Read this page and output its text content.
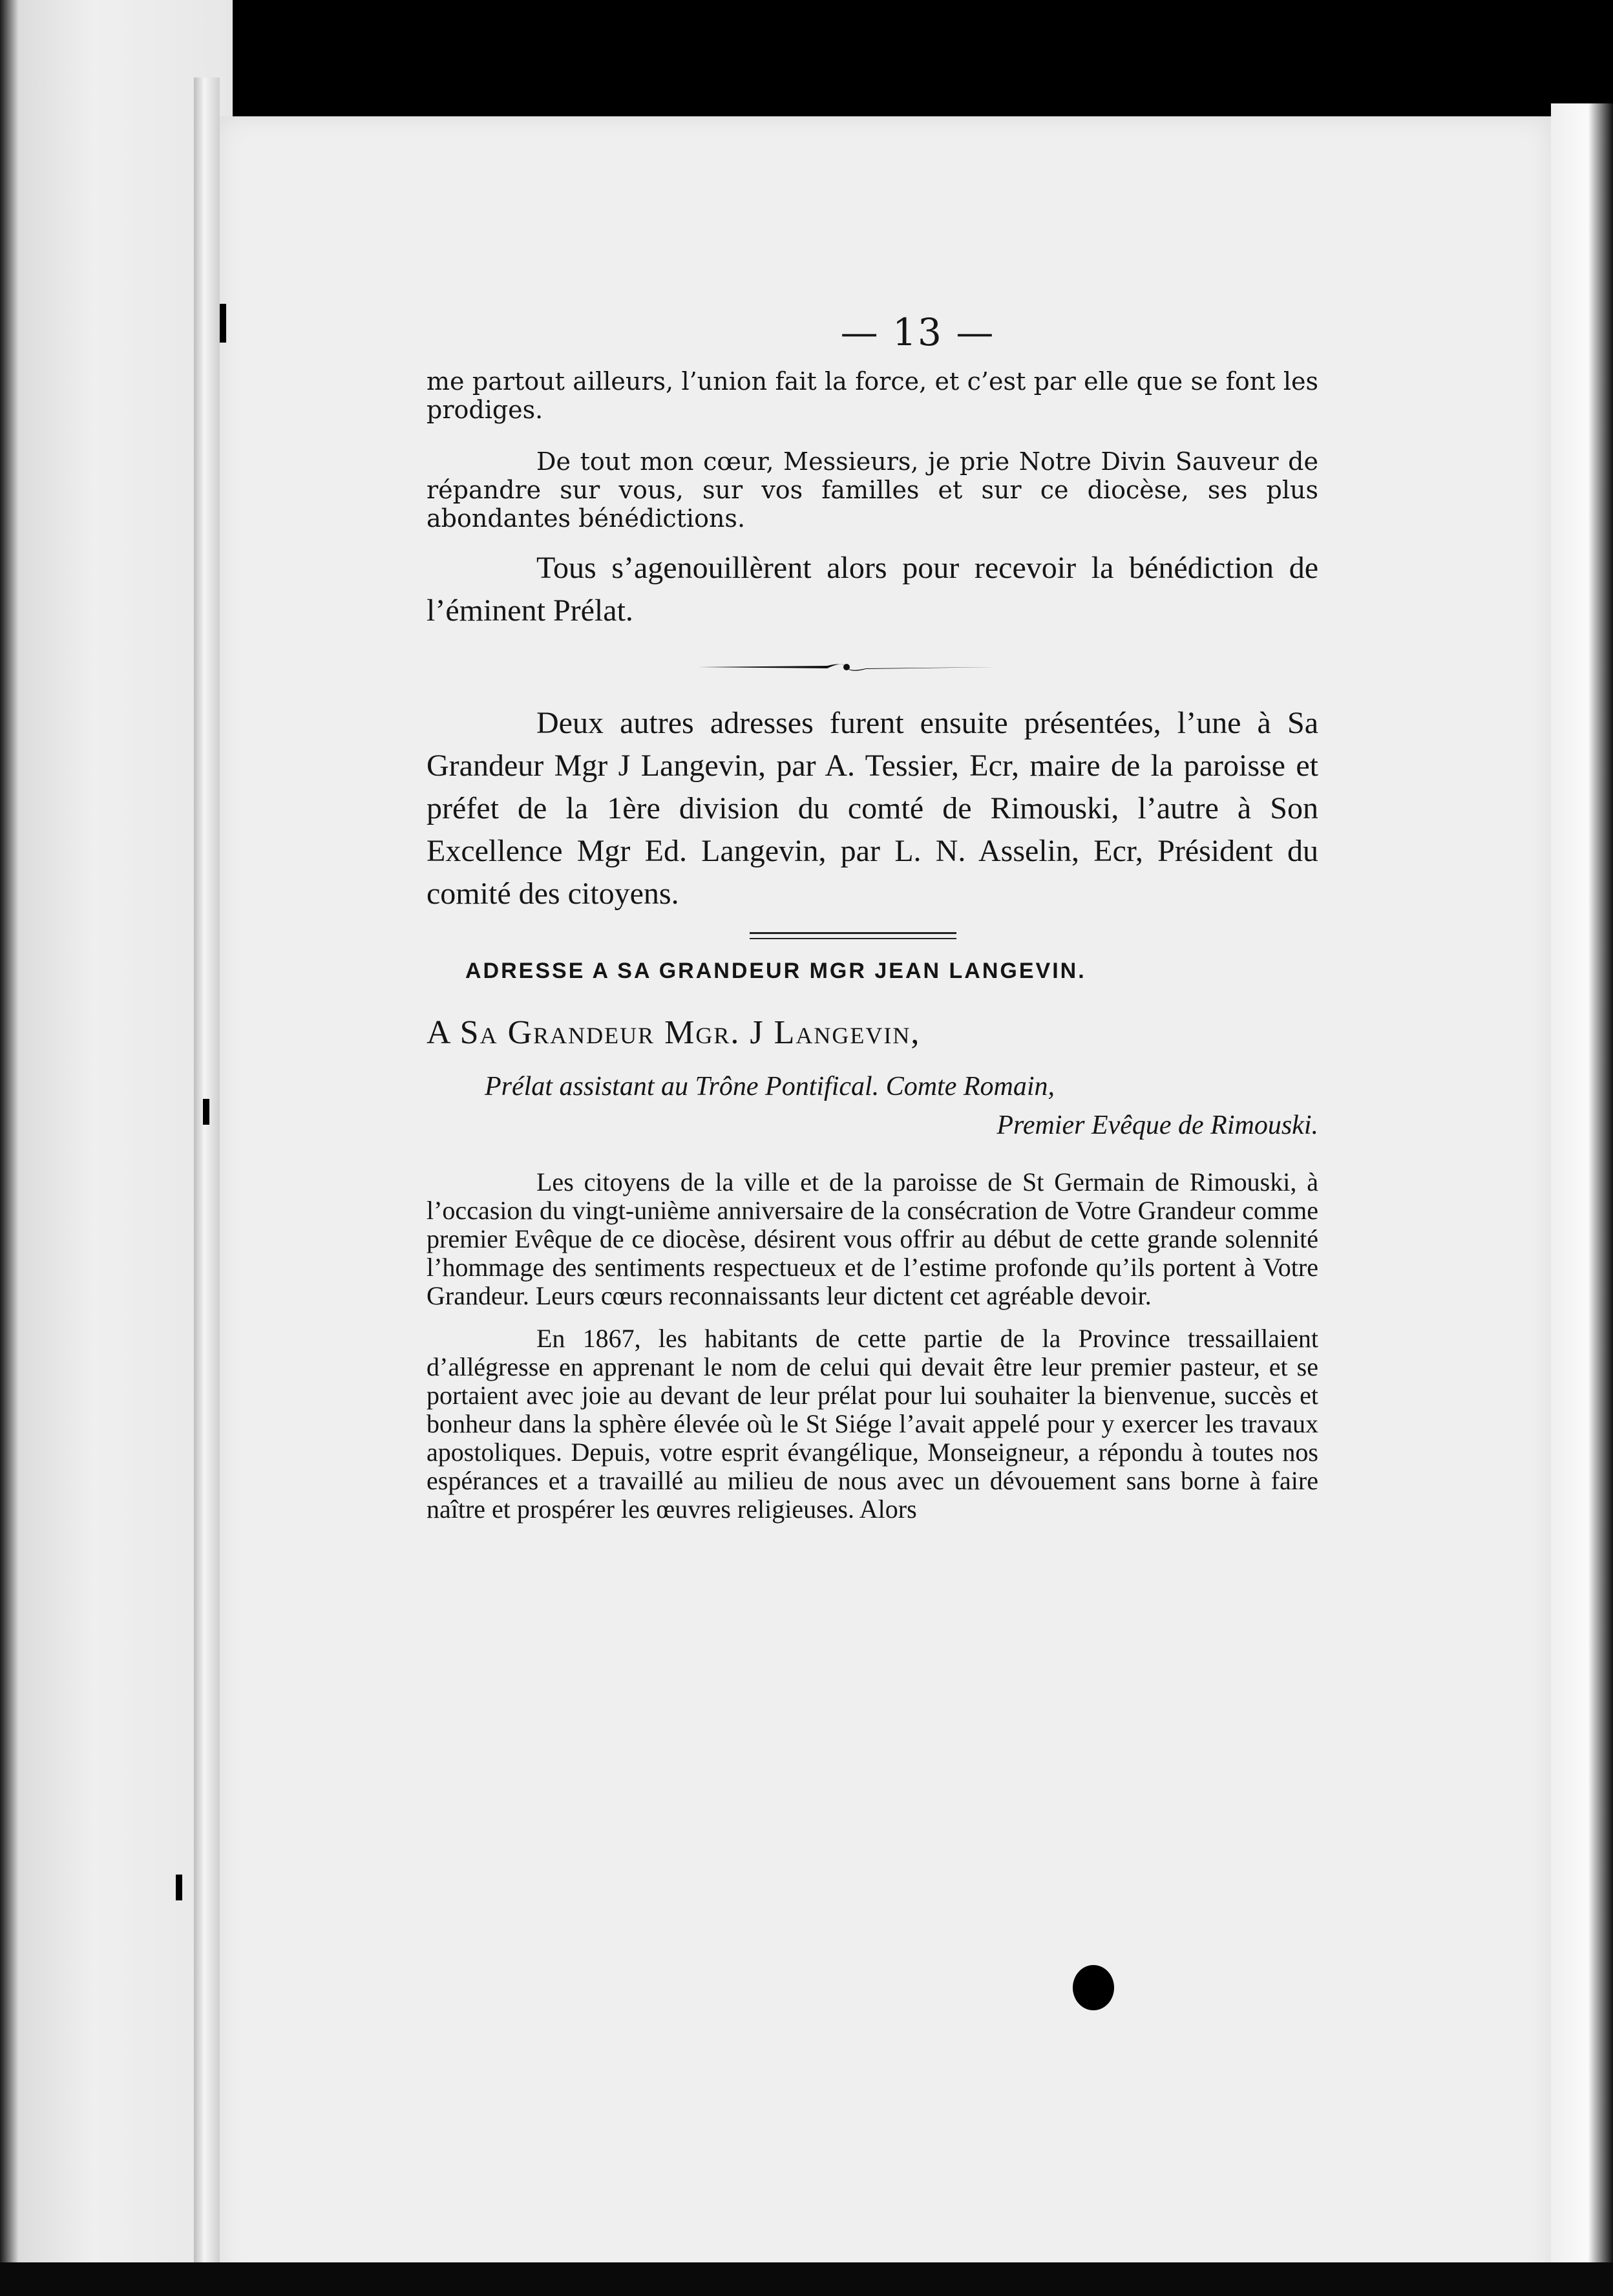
— 13 —

me partout ailleurs, l’union fait la force, et c’est par elle que se font les prodiges.

De tout mon cœur, Messieurs, je prie Notre Divin Sauveur de répandre sur vous, sur vos familles et sur ce diocèse, ses plus abondantes bénédictions.

Tous s’agenouillèrent alors pour recevoir la bénédiction de l’éminent Prélat.

Deux autres adresses furent ensuite présentées, l’une à Sa Grandeur Mgr J Langevin, par A. Tessier, Ecr, maire de la paroisse et préfet de la 1ère division du comté de Rimouski, l’autre à Son Excellence Mgr Ed. Langevin, par L. N. Asselin, Ecr, Président du comité des citoyens.

ADRESSE A SA GRANDEUR MGR JEAN LANGEVIN.
A Sa Grandeur Mgr. J Langevin,
Prélat assistant au Trône Pontifical. Comte Romain,
Premier Evêque de Rimouski.

Les citoyens de la ville et de la paroisse de St Germain de Rimouski, à l’occasion du vingt-unième anniversaire de la consécration de Votre Grandeur comme premier Evêque de ce diocèse, désirent vous offrir au début de cette grande solennité l’hommage des sentiments respectueux et de l’estime profonde qu’ils portent à Votre Grandeur. Leurs cœurs reconnaissants leur dictent cet agréable devoir.

En 1867, les habitants de cette partie de la Province tressaillaient d’allégresse en apprenant le nom de celui qui devait être leur premier pasteur, et se portaient avec joie au devant de leur prélat pour lui souhaiter la bienvenue, succès et bonheur dans la sphère élevée où le St Siége l’avait appelé pour y exercer les travaux apostoliques. Depuis, votre esprit évangélique, Monseigneur, a répondu à toutes nos espérances et a travaillé au milieu de nous avec un dévouement sans borne à faire naître et prospérer les œuvres religieuses. Alors
